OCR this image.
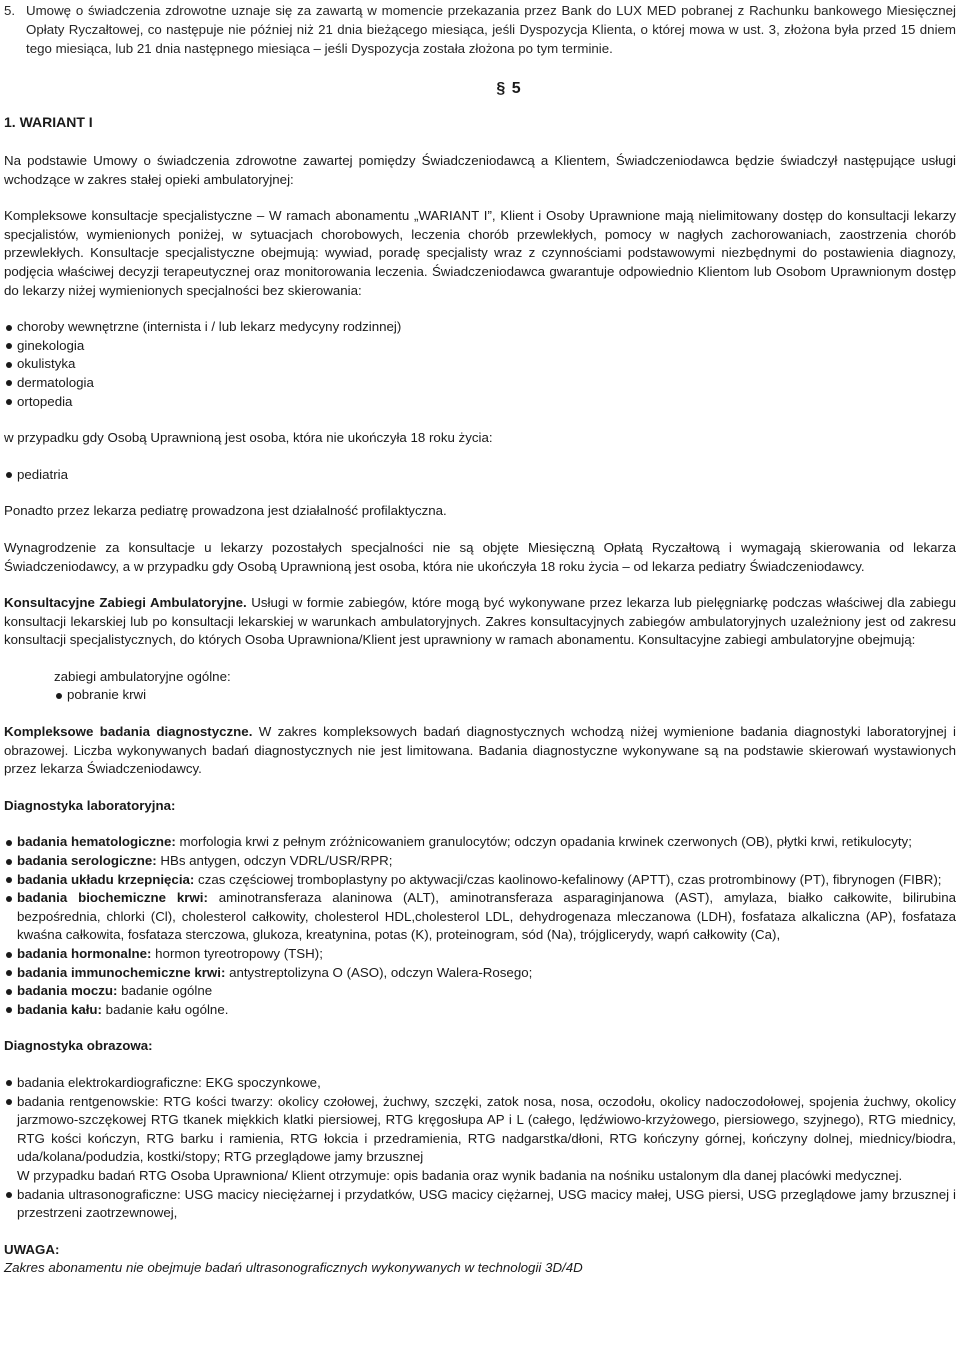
5. Umowę o świadczenia zdrowotne uznaje się za zawartą w momencie przekazania przez Bank do LUX MED pobranej z Rachunku bankowego Miesięcznej Opłaty Ryczałtowej, co następuje nie później niż 21 dnia bieżącego miesiąca, jeśli Dyspozycja Klienta, o której mowa w ust. 3, złożona była przed 15 dniem tego miesiąca, lub 21 dnia następnego miesiąca – jeśli Dyspozycja została złożona po tym terminie.

§ 5
1. WARIANT I

Na podstawie Umowy o świadczenia zdrowotne zawartej pomiędzy Świadczeniodawcą a Klientem, Świadczeniodawca będzie świadczył następujące usługi wchodzące w zakres stałej opieki ambulatoryjnej:

Kompleksowe konsultacje specjalistyczne – W ramach abonamentu „WARIANT I”, Klient i Osoby Uprawnione mają nielimitowany dostęp do konsultacji lekarzy specjalistów, wymienionych poniżej, w sytuacjach chorobowych, leczenia chorób przewlekłych, pomocy w nagłych zachorowaniach, zaostrzenia chorób przewlekłych. Konsultacje specjalistyczne obejmują: wywiad, poradę specjalisty wraz z czynnościami podstawowymi niezbędnymi do postawienia diagnozy, podjęcia właściwej decyzji terapeutycznej oraz monitorowania leczenia. Świadczeniodawca gwarantuje odpowiednio Klientom lub Osobom Uprawnionym dostęp do lekarzy niżej wymienionych specjalności bez skierowania:

choroby wewnętrzne (internista i / lub lekarz medycyny rodzinnej)
ginekologia
okulistyka
dermatologia
ortopedia

w przypadku gdy Osobą Uprawnioną jest osoba, która nie ukończyła 18 roku życia:

pediatria

Ponadto przez lekarza pediatrę prowadzona jest działalność profilaktyczna.

Wynagrodzenie za konsultacje u lekarzy pozostałych specjalności nie są objęte Miesięczną Opłatą Ryczałtową i wymagają skierowania od lekarza Świadczeniodawcy, a w przypadku gdy Osobą Uprawnioną jest osoba, która nie ukończyła 18 roku życia – od lekarza pediatry Świadczeniodawcy.

Konsultacyjne Zabiegi Ambulatoryjne. Usługi w formie zabiegów, które mogą być wykonywane przez lekarza lub pielęgniarkę podczas właściwej dla zabiegu konsultacji lekarskiej lub po konsultacji lekarskiej w warunkach ambulatoryjnych. Zakres konsultacyjnych zabiegów ambulatoryjnych uzależniony jest od zakresu konsultacji specjalistycznych, do których Osoba Uprawniona/Klient jest uprawniony w ramach abonamentu. Konsultacyjne zabiegi ambulatoryjne obejmują:

zabiegi ambulatoryjne ogólne:

pobranie krwi

Kompleksowe badania diagnostyczne. W zakres kompleksowych badań diagnostycznych wchodzą niżej wymienione badania diagnostyki laboratoryjnej i obrazowej. Liczba wykonywanych badań diagnostycznych nie jest limitowana. Badania diagnostyczne wykonywane są na podstawie skierowań wystawionych przez lekarza Świadczeniodawcy.

Diagnostyka laboratoryjna:

badania hematologiczne: morfologia krwi z pełnym zróżnicowaniem granulocytów; odczyn opadania krwinek czerwonych (OB), płytki krwi, retikulocyty;
badania serologiczne: HBs antygen, odczyn VDRL/USR/RPR;
badania układu krzepnięcia: czas częściowej tromboplastyny po aktywacji/czas kaolinowo-kefalinowy (APTT), czas protrombinowy (PT), fibrynogen (FIBR);
badania biochemiczne krwi: aminotransferaza alaninowa (ALT), aminotransferaza asparaginjanowa (AST), amylaza, białko całkowite, bilirubina bezpośrednia, chlorki (Cl), cholesterol całkowity, cholesterol HDL,cholesterol LDL, dehydrogenaza mleczanowa (LDH), fosfataza alkaliczna (AP), fosfataza kwaśna całkowita, fosfataza sterczowa, glukoza, kreatynina, potas (K), proteinogram, sód (Na), trójglicerydy, wapń całkowity (Ca),
badania hormonalne: hormon tyreotropowy (TSH);
badania immunochemiczne krwi: antystreptolizyna O (ASO), odczyn Walera-Rosego;
badania moczu: badanie ogólne
badania kału: badanie kału ogólne.

Diagnostyka obrazowa:

badania elektrokardiograficzne: EKG spoczynkowe,
badania rentgenowskie: RTG kości twarzy: okolicy czołowej, żuchwy, szczęki, zatok nosa, nosa, oczodołu, okolicy nadoczodołowej, spojenia żuchwy, okolicy jarzmowo-szczękowej RTG tkanek miękkich klatki piersiowej, RTG kręgosłupa AP i L (całego, lędźwiowo-krzyżowego, piersiowego, szyjnego), RTG miednicy, RTG kości kończyn, RTG barku i ramienia, RTG łokcia i przedramienia, RTG nadgarstka/dłoni, RTG kończyny górnej, kończyny dolnej, miednicy/biodra, uda/kolana/podudzia, kostki/stopy; RTG przeglądowe jamy brzusznej
W przypadku badań RTG Osoba Uprawniona/ Klient otrzymuje: opis badania oraz wynik badania na nośniku ustalonym dla danej placówki medycznej.
badania ultrasonograficzne: USG macicy nieciężarnej i przydatków, USG macicy ciężarnej, USG macicy małej, USG piersi, USG przeglądowe jamy brzusznej i przestrzeni zaotrzewnowej,

UWAGA:

Zakres abonamentu nie obejmuje badań ultrasonograficznych wykonywanych w technologii 3D/4D
